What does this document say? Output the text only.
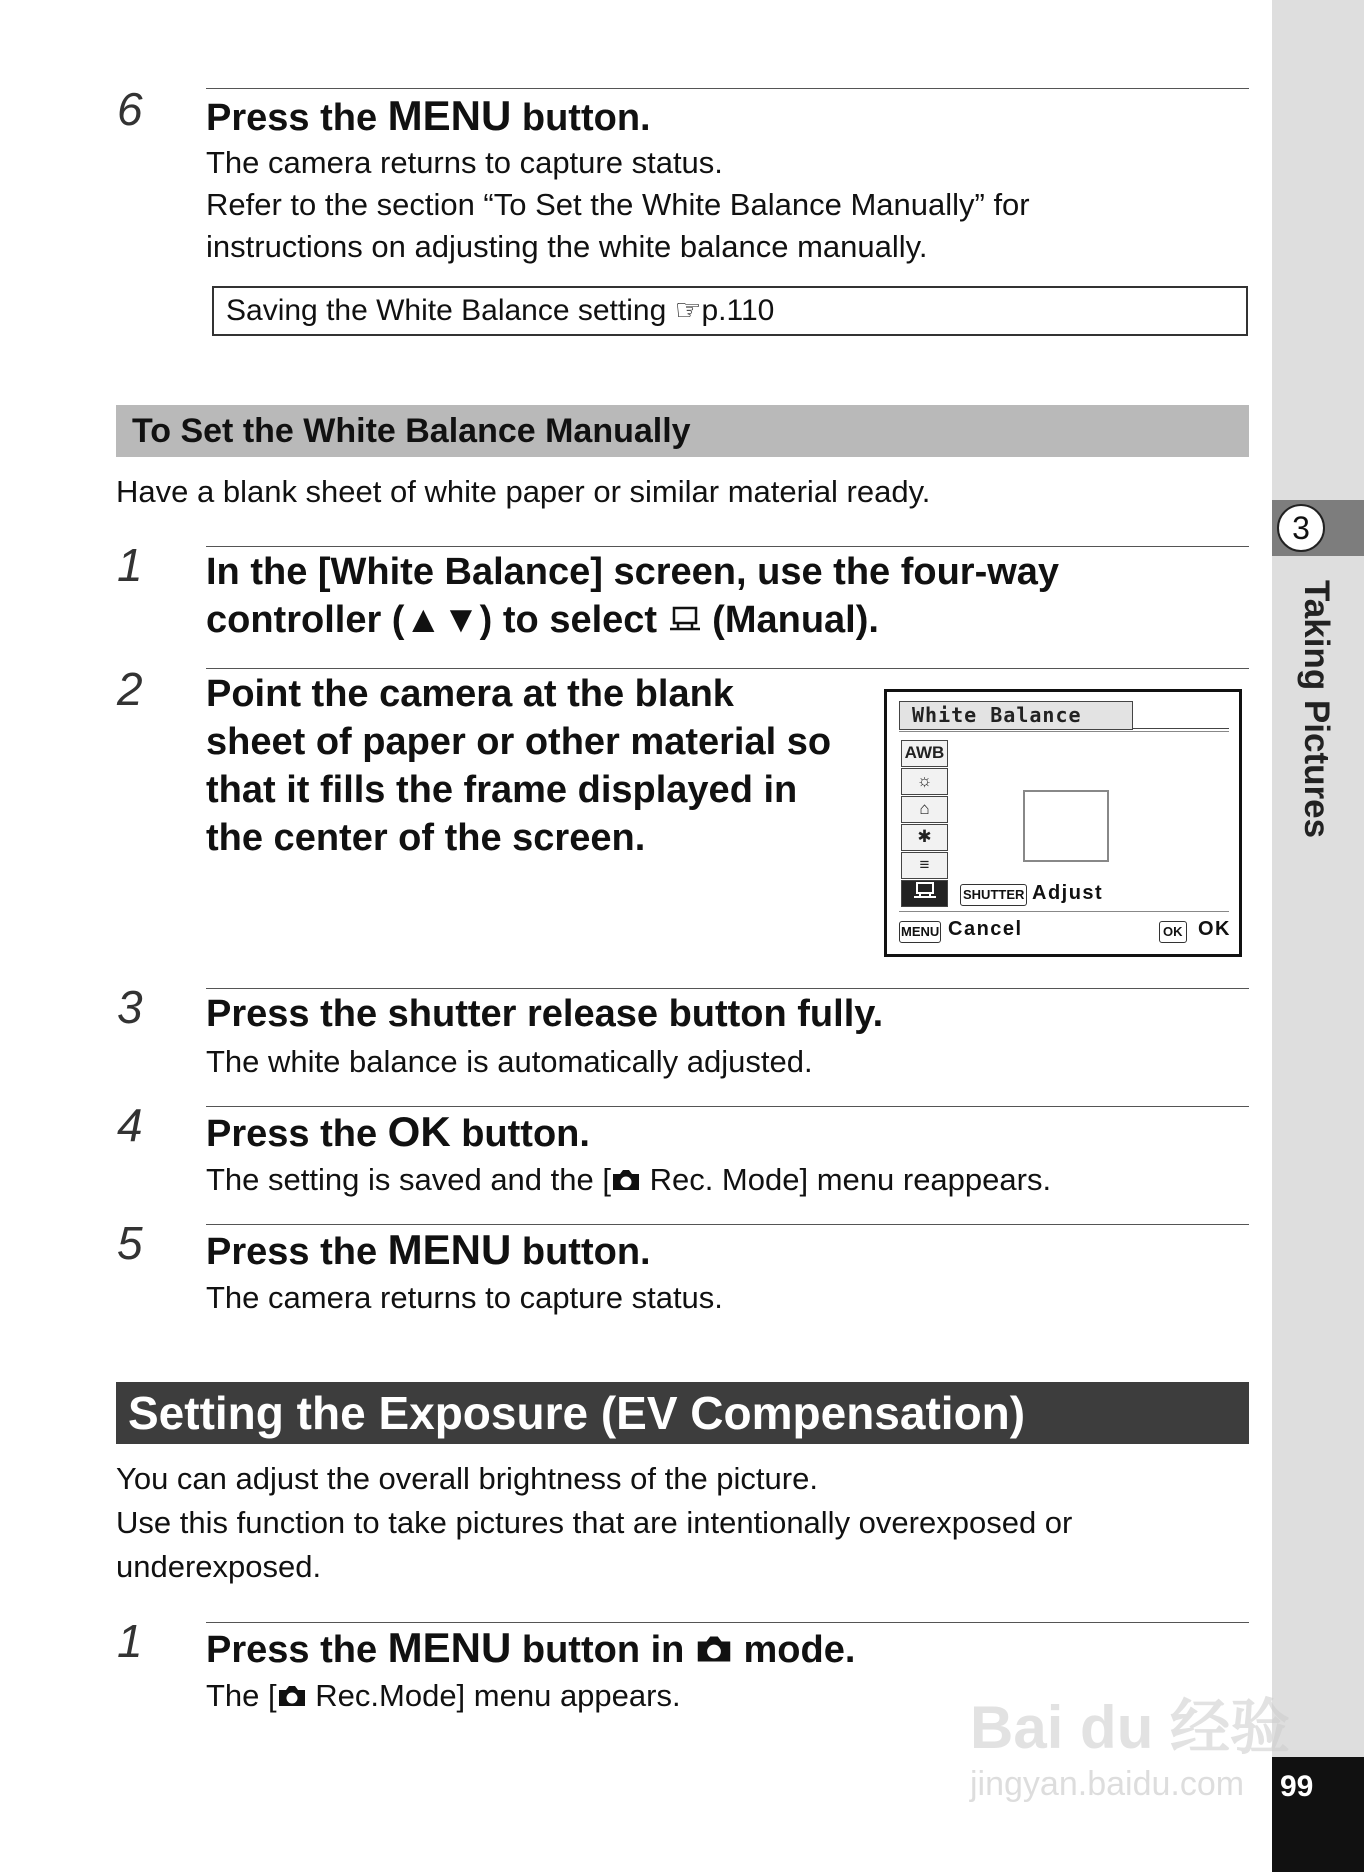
3
Taking Pictures
99
6 Press the MENU button.
The camera returns to capture status.
Refer to the section “To Set the White Balance Manually” for
instructions on adjusting the white balance manually.
Saving the White Balance setting ☞p.110
To Set the White Balance Manually
Have a blank sheet of white paper or similar material ready.
1 In the [White Balance] screen, use the four-way
controller (▲▼) to select  (Manual).
2 Point the camera at the blank
sheet of paper or other material so
that it fills the frame displayed in
the center of the screen.
White Balance
AWB
☼
⌂
✱
≡
SHUTTER Adjust
MENU Cancel	OK OK
3 Press the shutter release button fully.
The white balance is automatically adjusted.
4 Press the OK button.
The setting is saved and the [ Rec. Mode] menu reappears.
5 Press the MENU button.
The camera returns to capture status.
Setting the Exposure (EV Compensation)
You can adjust the overall brightness of the picture.
Use this function to take pictures that are intentionally overexposed or
underexposed.
1 Press the MENU button in  mode.
The [ Rec.Mode] menu appears.	Bai du 经验
jingyan.baidu.com
